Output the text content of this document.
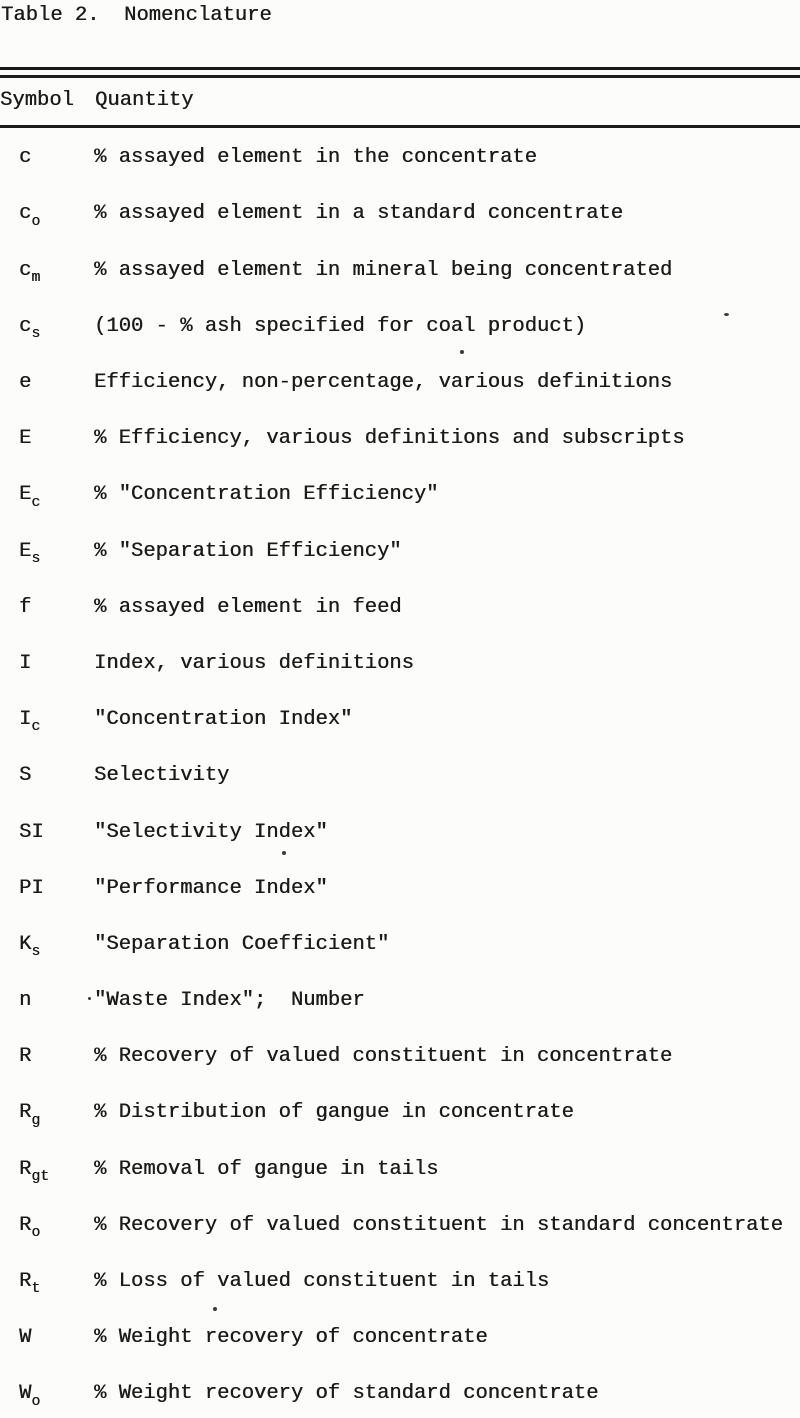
Table 2.  Nomenclature
Symbol Quantity
c	% assayed element in the concentrate
$c_o$	% assayed element in a standard concentrate
$c_m$	% assayed element in mineral being concentrated
$c_s$	(100 - % ash specified for coal product)
e	Efficiency, non-percentage, various definitions
E	% Efficiency, various definitions and subscripts
$E_c$	% "Concentration Efficiency"
$E_s$	% "Separation Efficiency"
f	% assayed element in feed
I	Index, various definitions
$I_c$	"Concentration Index"
S	Selectivity
SI	"Selectivity Index"
PI	"Performance Index"
$K_s$	"Separation Coefficient"
n	"Waste Index";  Number
R	% Recovery of valued constituent in concentrate
$R_g$	% Distribution of gangue in concentrate
$R_{gt}$	% Removal of gangue in tails
$R_o$	% Recovery of valued constituent in standard concentrate
$R_t$	% Loss of valued constituent in tails
W	% Weight recovery of concentrate
$W_o$	% Weight recovery of standard concentrate
